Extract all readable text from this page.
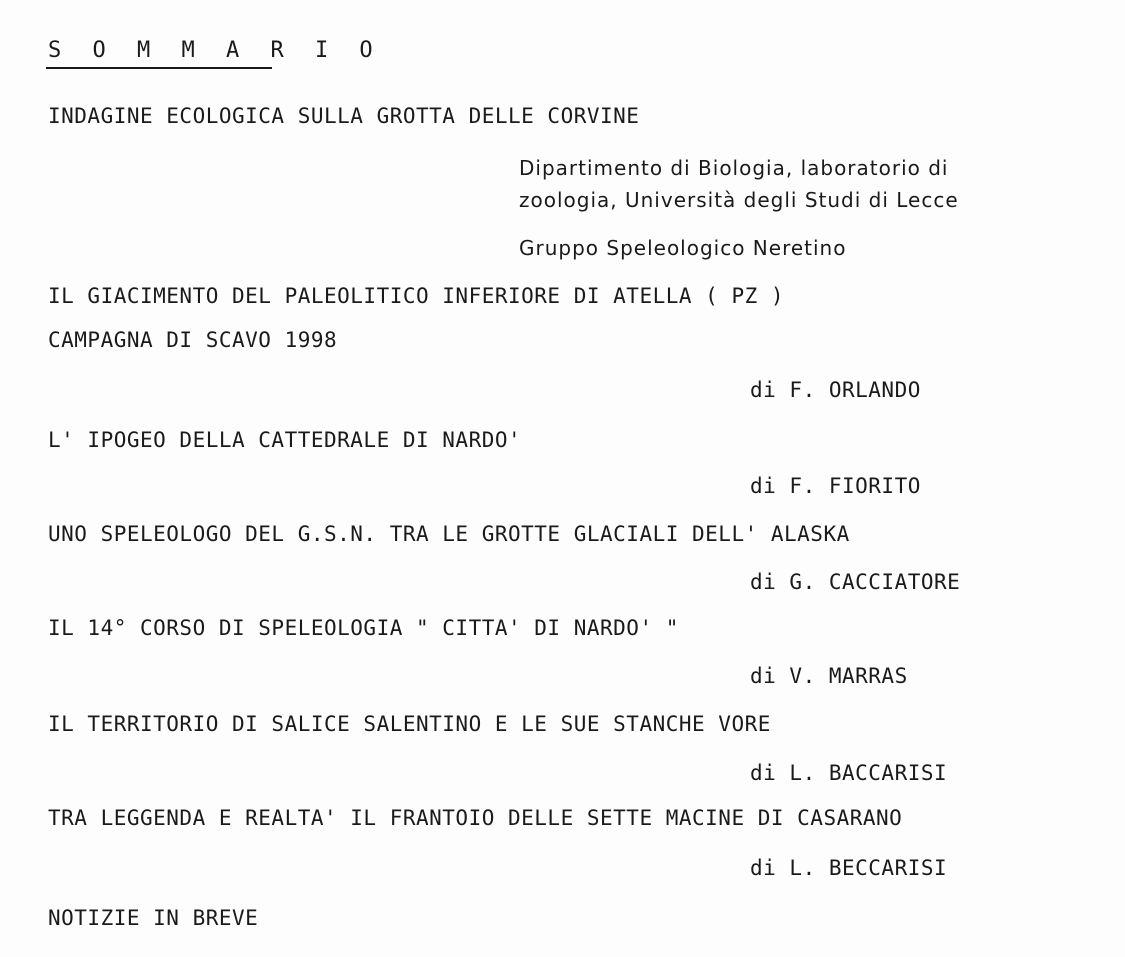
S O M M A R I O
INDAGINE ECOLOGICA SULLA GROTTA DELLE CORVINE
Dipartimento di Biologia, laboratorio di
zoologia, Università degli Studi di Lecce
Gruppo Speleologico Neretino
IL GIACIMENTO DEL PALEOLITICO INFERIORE DI ATELLA ( PZ )
CAMPAGNA DI SCAVO 1998
di F. ORLANDO
L' IPOGEO DELLA CATTEDRALE DI NARDO'
di F. FIORITO
UNO SPELEOLOGO DEL G.S.N. TRA LE GROTTE GLACIALI DELL' ALASKA
di G. CACCIATORE
IL 14° CORSO DI SPELEOLOGIA " CITTA' DI NARDO' "
di V. MARRAS
IL TERRITORIO DI SALICE SALENTINO E LE SUE STANCHE VORE
di L. BACCARISI
TRA LEGGENDA E REALTA' IL FRANTOIO DELLE SETTE MACINE DI CASARANO
di L. BECCARISI
NOTIZIE IN BREVE
